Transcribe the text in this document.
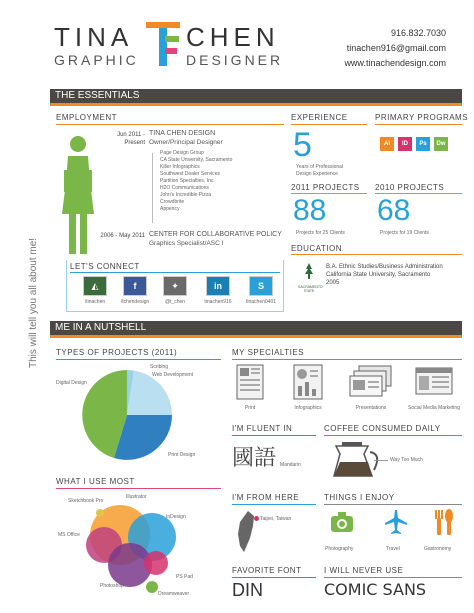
TINA CHEN
GRAPHIC	DESIGNER
916.832.7030
tinachen916@gmail.com
www.tinachendesign.com
This will tell you all about me!
THE ESSENTIALS
EMPLOYMENT
Jun 2011 - Present
TINA CHEN DESIGN
Owner/Principal Designer
Page Design Group
CA State University, Sacramento
Killer Infographics
Southwest Dealer Services
Partition Specialties, Inc.
H2O Communications
John's Incredible Pizza
Crowdbrite
Appency
2006 - May 2011 CENTER FOR COLLABORATIVE POLICY
Graphics Specialist/ASC I
LET'S CONNECT
◭
/tinachen
f
/tchendesign
✦
@t_chen
in
tinachen916
S
tinachen0401
EXPERIENCE
5
Years of Professional Design Experience
PRIMARY PROGRAMS
Ai	ID	Ps	Dw
2011 PROJECTS
88
Projects for 25 Clients
2010 PROJECTS
68
Projects for 19 Clients
EDUCATION
SACRAMENTO STATE
B.A. Ethnic Studies/Business Administration
California State University, Sacramento
2005
ME IN A NUTSHELL
TYPES OF PROJECTS (2011)
Scribing
Web Development
Digital Design
Print Design
WHAT I USE MOST
Sketchbook Pro
Illustrator
InDesign
MS Office
Photoshop
PS Pad
Dreamweaver
MY SPECIALTIES
Print	Infographics	Presentations	Social Media Marketing
I'M FLUENT IN
國語 Mandarin
COFFEE CONSUMED DAILY
Way Too Much
I'M FROM HERE
Taipei, Taiwan
THINGS I ENJOY
Photography	Travel	Gastronomy
FAVORITE FONT
DIN
I WILL NEVER USE
COMIC SANS
